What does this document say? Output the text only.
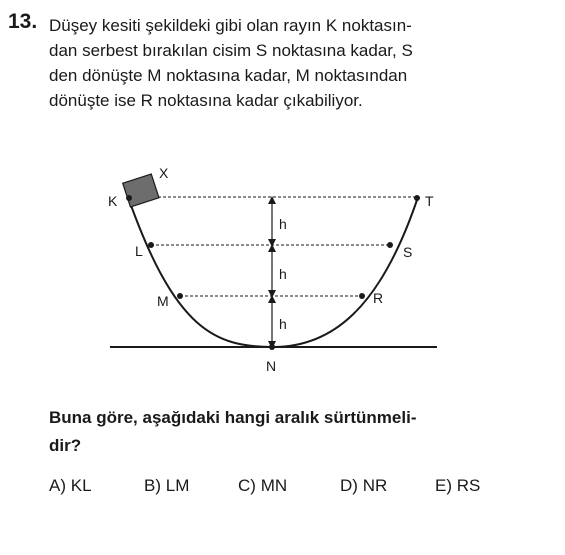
13. Düşey kesiti şekildeki gibi olan rayın K noktasın-
dan serbest bırakılan cisim S noktasına kadar, S
den dönüşte M noktasına kadar, M noktasından
dönüşte ise R noktasına kadar çıkabiliyor.
h
h
h
X
K
L
M
N
R
S
T
Buna göre, aşağıdaki hangi aralık sürtünmeli-
dir?
A) KL	B) LM	C) MN	D) NR	E) RS
